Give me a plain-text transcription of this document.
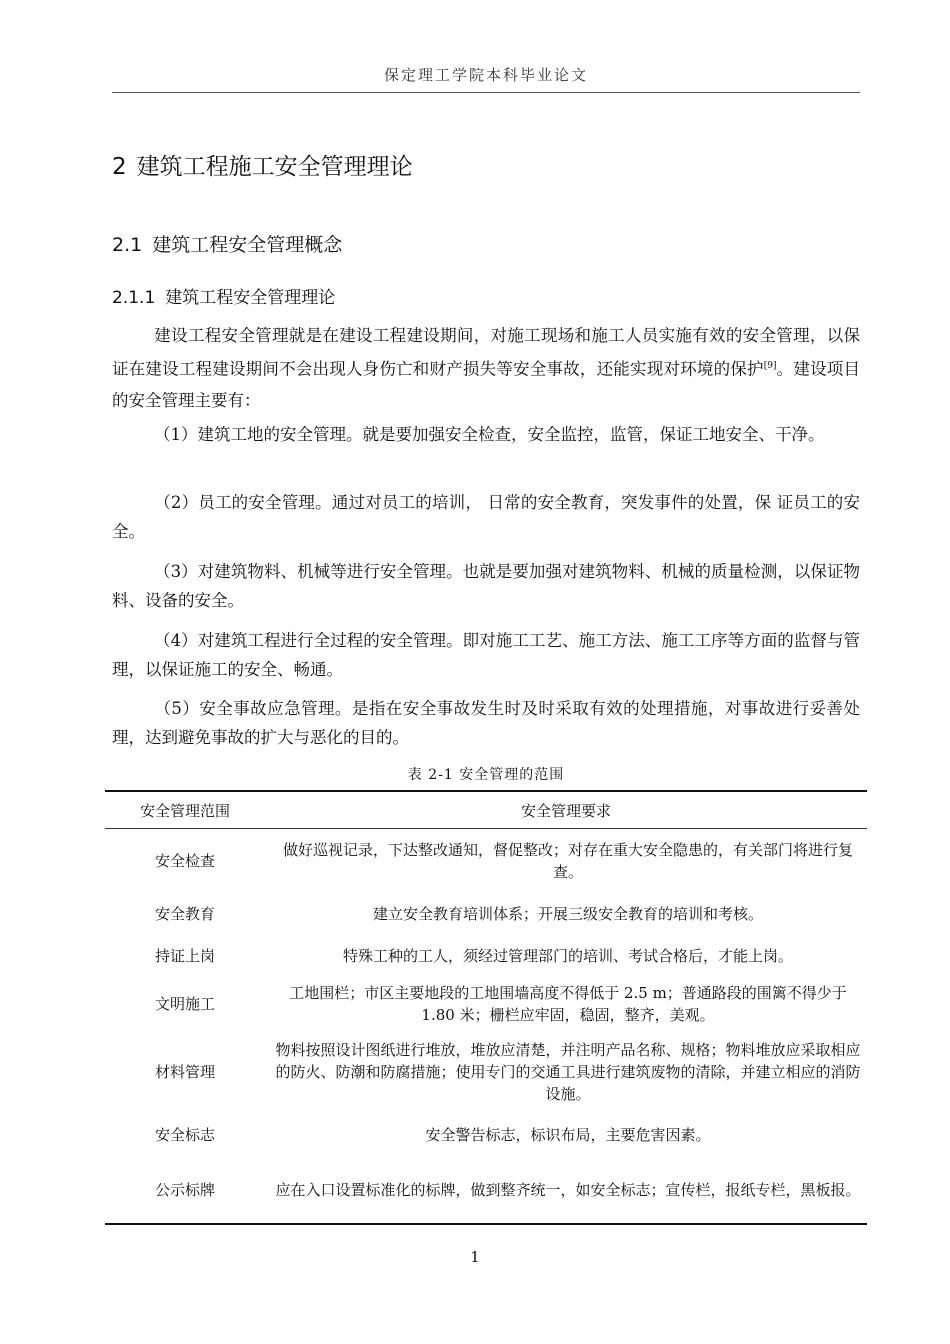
保定理工学院本科毕业论文
2 建筑工程施工安全管理理论
2.1 建筑工程安全管理概念
2.1.1 建筑工程安全管理理论
建设工程安全管理就是在建设工程建设期间，对施工现场和施工人员实施有效的安全管理，以保证在建设工程建设期间不会出现人身伤亡和财产损失等安全事故，还能实现对环境的保护[9]。建设项目的安全管理主要有：
（1）建筑工地的安全管理。就是要加强安全检查，安全监控，监管，保证工地安全、干净。
（2）员工的安全管理。通过对员工的培训， 日常的安全教育，突发事件的处置，保 证员工的安全。
（3）对建筑物料、机械等进行安全管理。也就是要加强对建筑物料、机械的质量检测，以保证物料、设备的安全。
（4）对建筑工程进行全过程的安全管理。即对施工工艺、施工方法、施工工序等方面的监督与管理，以保证施工的安全、畅通。
（5）安全事故应急管理。是指在安全事故发生时及时采取有效的处理措施，对事故进行妥善处理，达到避免事故的扩大与恶化的目的。
表 2-1 安全管理的范围
安全管理范围	安全管理要求
安全检查	做好巡视记录，下达整改通知，督促整改；对存在重大安全隐患的，有关部门将进行复查。
安全教育	建立安全教育培训体系；开展三级安全教育的培训和考核。
持证上岗	特殊工种的工人，须经过管理部门的培训、考试合格后，才能上岗。
文明施工	工地围栏；市区主要地段的工地围墙高度不得低于 2.5 m；普通路段的围篱不得少于 1.80 米；栅栏应牢固，稳固，整齐，美观。
材料管理	物料按照设计图纸进行堆放，堆放应清楚，并注明产品名称、规格；物料堆放应采取相应的防火、防潮和防腐措施；使用专门的交通工具进行建筑废物的清除，并建立相应的消防设施。
安全标志	安全警告标志，标识布局，主要危害因素。
公示标牌	应在入口设置标准化的标牌，做到整齐统一，如安全标志；宣传栏，报纸专栏，黑板报。
1
